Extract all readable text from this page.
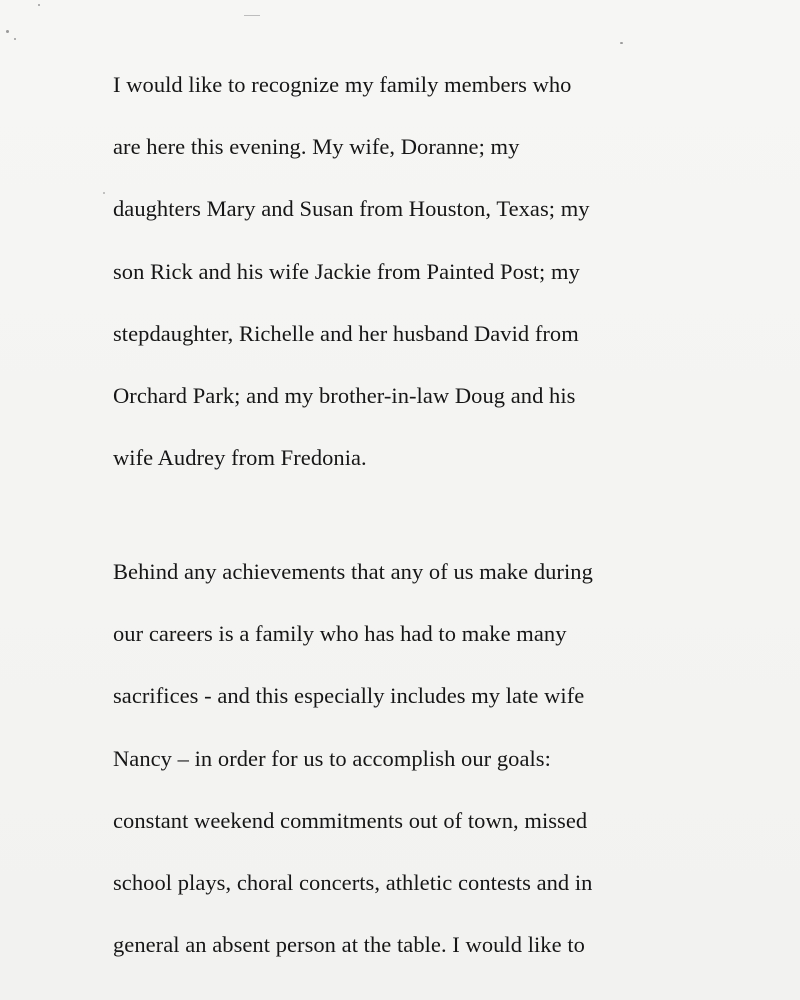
I would like to recognize my family members who
are here this evening. My wife, Doranne; my
daughters Mary and Susan from Houston, Texas; my
son Rick and his wife Jackie from Painted Post; my
stepdaughter, Richelle and her husband David from
Orchard Park; and my brother-in-law Doug and his
wife Audrey from Fredonia.

Behind any achievements that any of us make during
our careers is a family who has had to make many
sacrifices - and this especially includes my late wife
Nancy – in order for us to accomplish our goals:
constant weekend commitments out of town, missed
school plays, choral concerts, athletic contests and in
general an absent person at the table. I would like to
